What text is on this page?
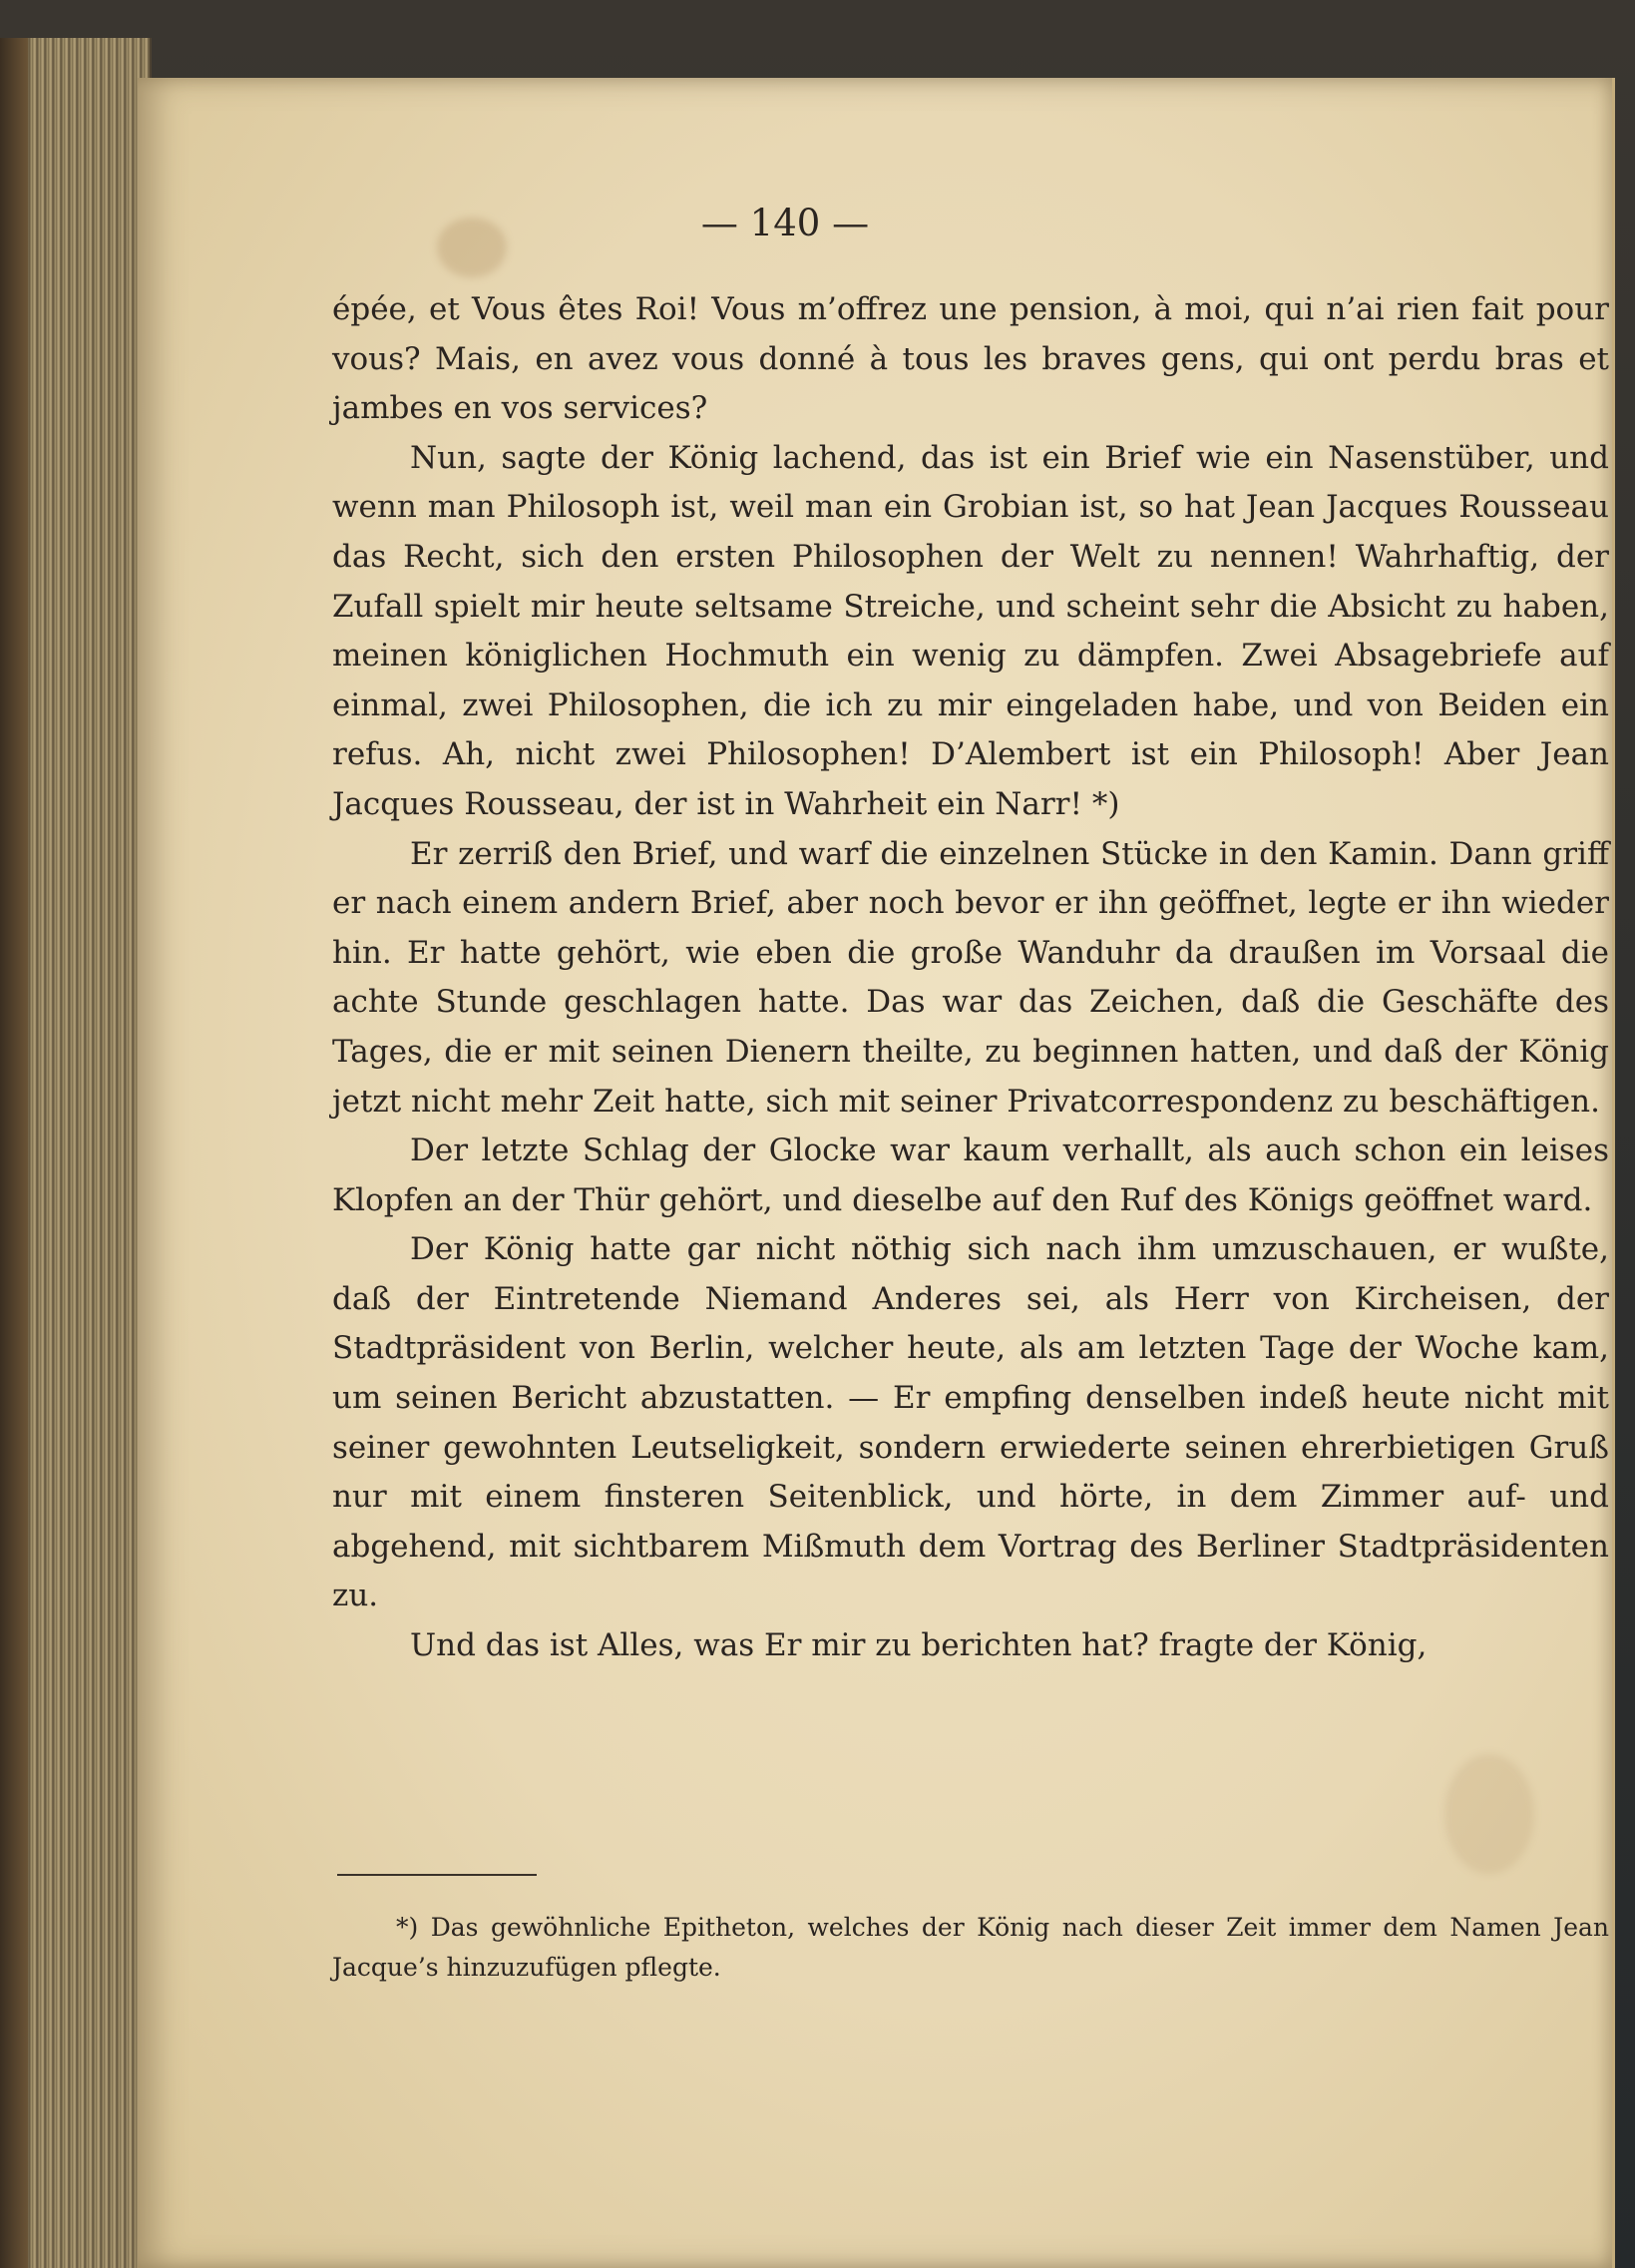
— 140 —

épée, et Vous êtes Roi! Vous m’offrez une pension, à moi, qui n’ai rien fait pour vous? Mais, en avez vous donné à tous les braves gens, qui ont perdu bras et jambes en vos services?

Nun, sagte der König lachend, das ist ein Brief wie ein Nasenstüber, und wenn man Philosoph ist, weil man ein Grobian ist, so hat Jean Jacques Rousseau das Recht, sich den ersten Philosophen der Welt zu nennen! Wahrhaftig, der Zufall spielt mir heute seltsame Streiche, und scheint sehr die Absicht zu haben, meinen königlichen Hochmuth ein wenig zu dämpfen. Zwei Absagebriefe auf einmal, zwei Philosophen, die ich zu mir eingeladen habe, und von Beiden ein refus. Ah, nicht zwei Philosophen! D’Alembert ist ein Philosoph! Aber Jean Jacques Rousseau, der ist in Wahrheit ein Narr! *)

Er zerriß den Brief, und warf die einzelnen Stücke in den Kamin. Dann griff er nach einem andern Brief, aber noch bevor er ihn geöffnet, legte er ihn wieder hin. Er hatte gehört, wie eben die große Wanduhr da draußen im Vorsaal die achte Stunde geschlagen hatte. Das war das Zeichen, daß die Geschäfte des Tages, die er mit seinen Dienern theilte, zu beginnen hatten, und daß der König jetzt nicht mehr Zeit hatte, sich mit seiner Privatcorrespondenz zu beschäftigen.

Der letzte Schlag der Glocke war kaum verhallt, als auch schon ein leises Klopfen an der Thür gehört, und dieselbe auf den Ruf des Königs geöffnet ward.

Der König hatte gar nicht nöthig sich nach ihm umzuschauen, er wußte, daß der Eintretende Niemand Anderes sei, als Herr von Kircheisen, der Stadtpräsident von Berlin, welcher heute, als am letzten Tage der Woche kam, um seinen Bericht abzustatten. — Er empfing denselben indeß heute nicht mit seiner gewohnten Leutseligkeit, sondern erwiederte seinen ehrerbietigen Gruß nur mit einem finsteren Seitenblick, und hörte, in dem Zimmer auf- und abgehend, mit sichtbarem Mißmuth dem Vortrag des Berliner Stadtpräsidenten zu.

Und das ist Alles, was Er mir zu berichten hat? fragte der König,

*) Das gewöhnliche Epitheton, welches der König nach dieser Zeit immer dem Namen Jean Jacque’s hinzuzufügen pflegte.
